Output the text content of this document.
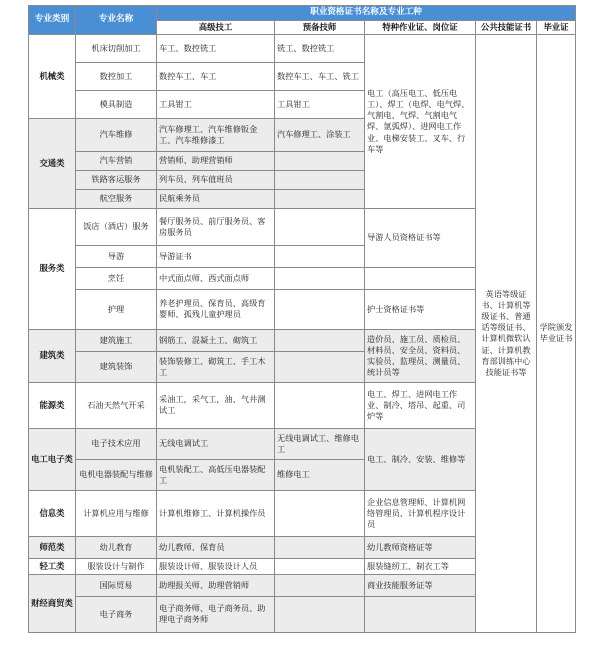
专业类别	专业名称	职业资格证书名称及专业工种				
		高级技工	预备技师	特种作业证、岗位证	公共技能证书	毕业证
机械类	机床切削加工	车工、数控铣工	铣工、数控铣工	电工（高压电工、低压电工）、焊工（电焊、电气焊、气割电、气焊、气割电气焊、氩弧焊）、进网电工作业、电梯安装工、叉车、行车等	英语等级证书、计算机等级证书、普通话等级证书、计算机微软认证、计算机教育部训练中心技能证书等	学院颁发毕业证书
	数控加工	数控车工、车工	数控车工、车工、铣工			
	模具制造	工具钳工	工具钳工			
交通类	汽车维修	汽车修理工、汽车维修钣金工、汽车维修漆工	汽车修理工、涂装工			
	汽车营销	营销师、助理营销师				
	铁路客运服务	列车员、列车值班员				
	航空服务	民航乘务员				
服务类	饭店（酒店）服务	餐厅服务员、前厅服务员、客房服务员		导游人员资格证书等		
	导游	导游证书				
	烹饪	中式面点师、西式面点师				
	护理	养老护理员、保育员、高级育婴师、孤残儿童护理员		护士资格证书等		
建筑类	建筑施工	钢筋工、混凝土工、砌筑工		造价员、施工员、质检员、材料员、安全员、资料员、实验员、监理员、测量员、统计员等		
	建筑装饰	装饰装修工、砌筑工、手工木工				
能源类	石油天然气开采	采油工，采气工，油、气井测试工		电工、焊工、进网电工作业、制冷、塔吊、起重、司炉等		
电工电子类	电子技术应用	无线电调试工	无线电调试工、维修电工	电工、制冷、安装、维修等		
	电机电器装配与维修	电机装配工、高低压电器装配工	维修电工			
信息类	计算机应用与维修	计算机维修工、计算机操作员		企业信息管理师、计算机网络管理员、计算机程序设计员		
师范类	幼儿教育	幼儿教师、保育员		幼儿教师资格证等		
轻工类	服装设计与制作	服装设计师、服装设计人员		服装缝纫工、制衣工等		
财经商贸类	国际贸易	助理报关师、助理营销师		商业技能服务证等		
	电子商务	电子商务师、电子商务员、助理电子商务师				
